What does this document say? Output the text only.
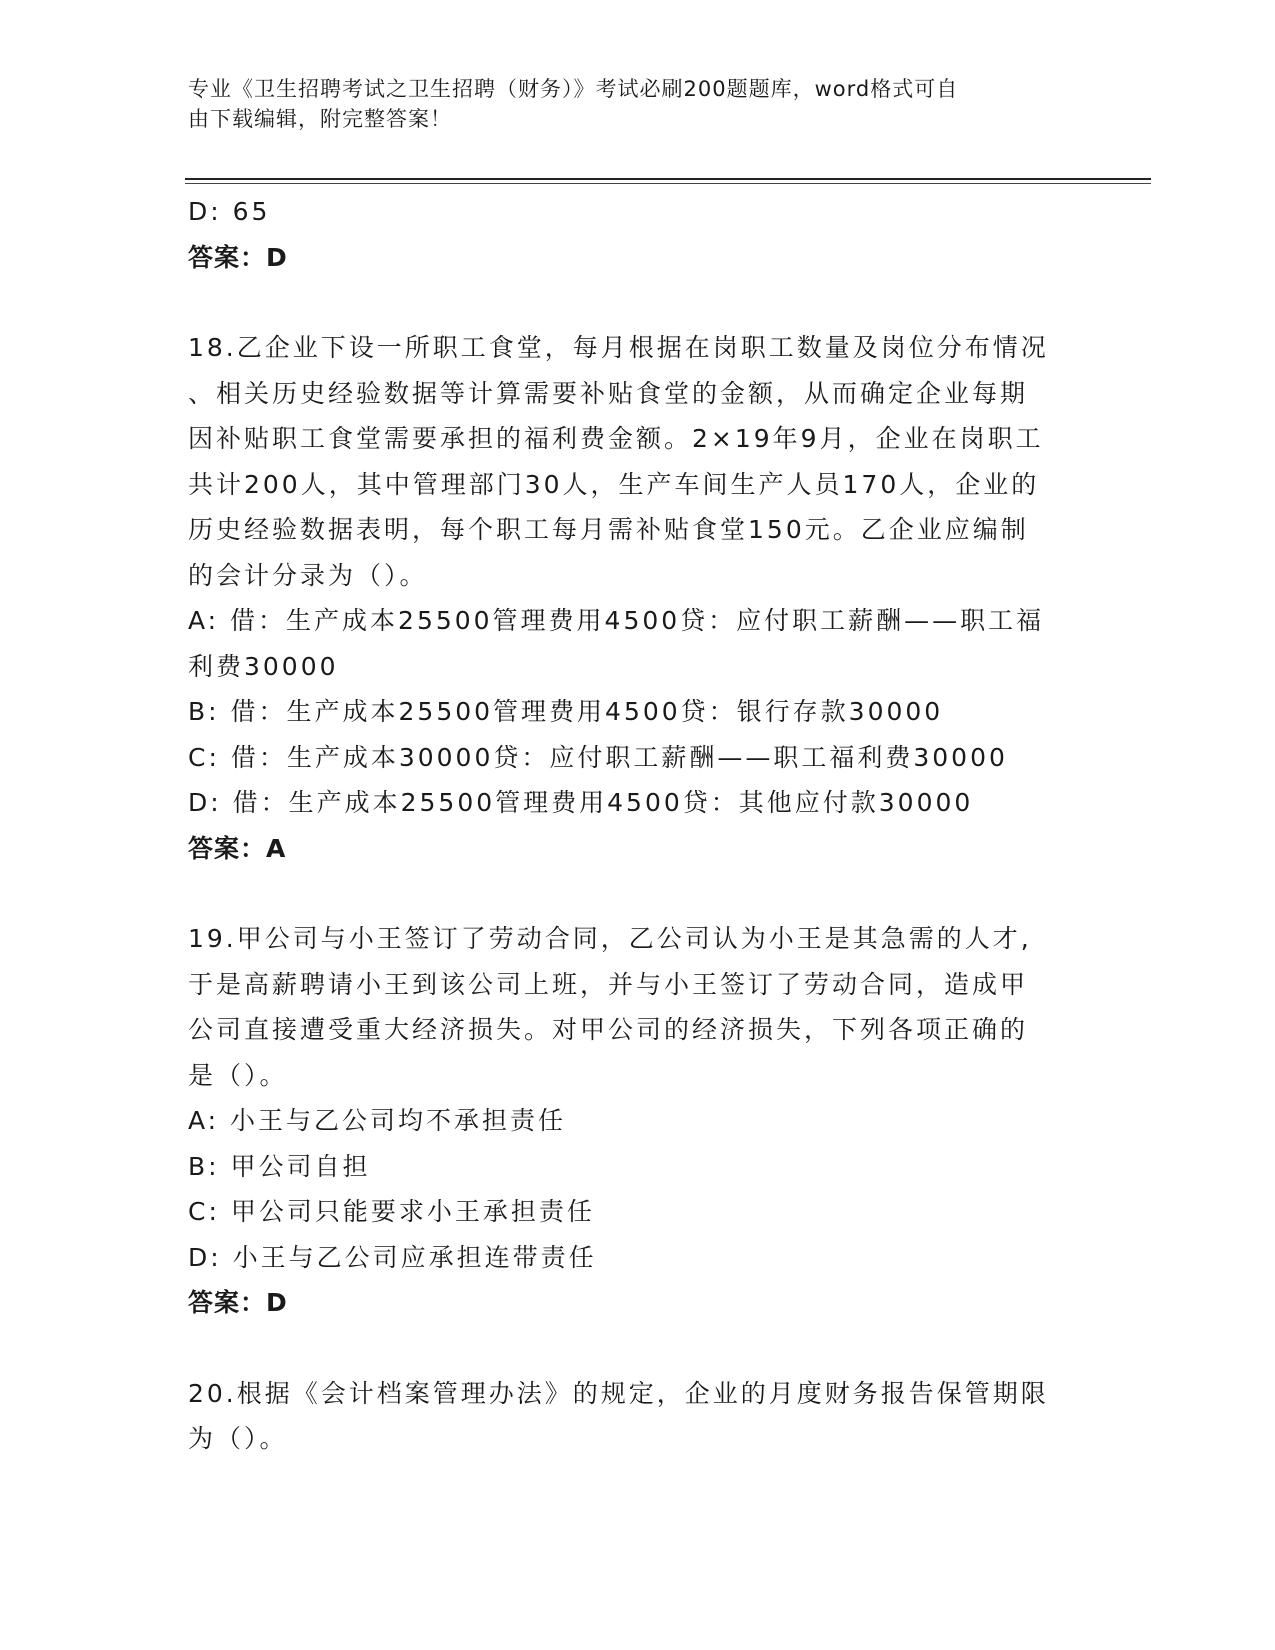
专业《卫生招聘考试之卫生招聘（财务）》考试必刷200题题库，word格式可自
由下载编辑，附完整答案！
D: 65
答案：D
18.乙企业下设一所职工食堂，每月根据在岗职工数量及岗位分布情况
、相关历史经验数据等计算需要补贴食堂的金额，从而确定企业每期
因补贴职工食堂需要承担的福利费金额。2×19年9月，企业在岗职工
共计200人，其中管理部门30人，生产车间生产人员170人，企业的
历史经验数据表明，每个职工每月需补贴食堂150元。乙企业应编制
的会计分录为（）。
A: 借：生产成本25500管理费用4500贷：应付职工薪酬——职工福
利费30000
B: 借：生产成本25500管理费用4500贷：银行存款30000
C: 借：生产成本30000贷：应付职工薪酬——职工福利费30000
D: 借：生产成本25500管理费用4500贷：其他应付款30000
答案：A
19.甲公司与小王签订了劳动合同，乙公司认为小王是其急需的人才,
于是高薪聘请小王到该公司上班，并与小王签订了劳动合同，造成甲
公司直接遭受重大经济损失。对甲公司的经济损失，下列各项正确的
是（）。
A: 小王与乙公司均不承担责任
B: 甲公司自担
C: 甲公司只能要求小王承担责任
D: 小王与乙公司应承担连带责任
答案：D
20.根据《会计档案管理办法》的规定，企业的月度财务报告保管期限
为（）。
